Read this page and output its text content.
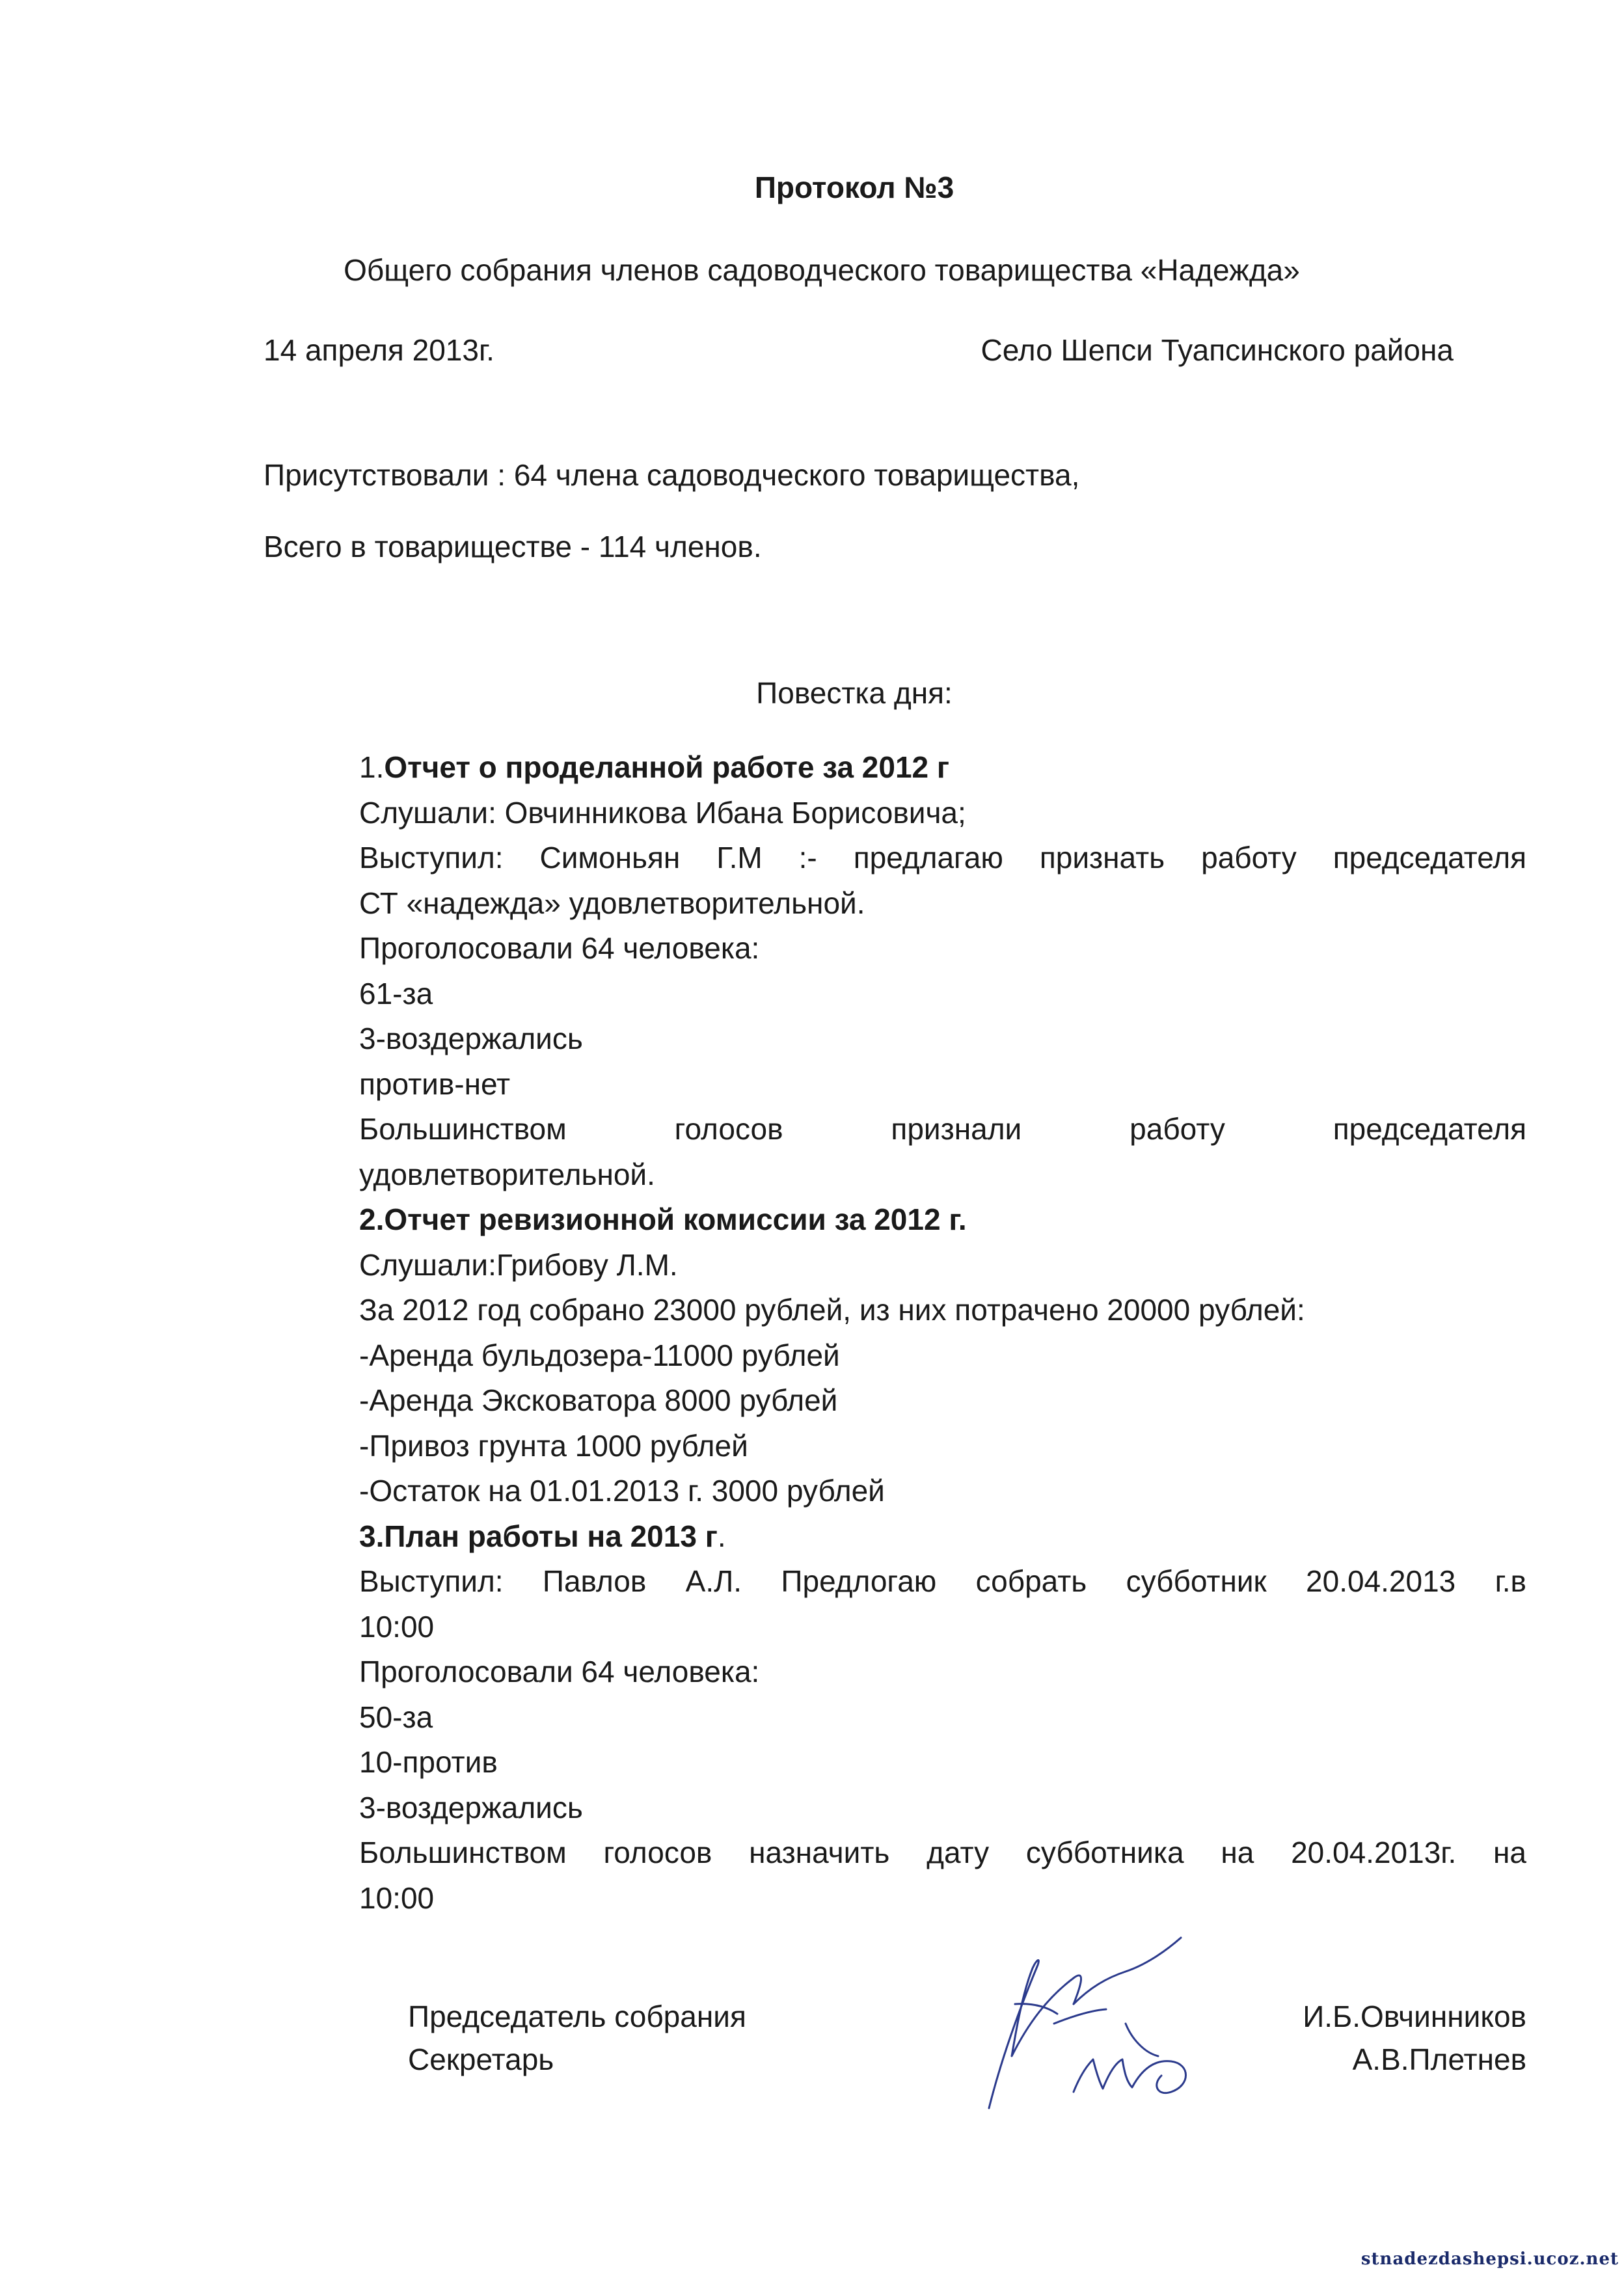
Протокол №3
Общего собрания членов садоводческого товарищества «Надежда»
14 апреля 2013г.	Село Шепси Туапсинского района
Присутствовали : 64 члена садоводческого товарищества,
Всего в товариществе - 114 членов.
Повестка дня:
1.Отчет о проделанной работе за 2012 г
Слушали: Овчинникова Ибана Борисовича;
Выступил: Симоньян Г.М :- предлагаю признать работу председателя
СТ «надежда» удовлетворительной.
Проголосовали 64 человека:
61-за
3-воздержались
против-нет
Большинством голосов признали работу председателя
удовлетворительной.
2.Отчет ревизионной комиссии за 2012 г.
Слушали:Грибову Л.М.
За 2012 год собрано 23000 рублей, из них потрачено 20000 рублей:
-Аренда бульдозера-11000 рублей
-Аренда Эксковатора 8000 рублей
-Привоз грунта 1000 рублей
-Остаток на 01.01.2013 г. 3000 рублей
3.План работы на 2013 г.
Выступил: Павлов А.Л. Предлогаю собрать субботник 20.04.2013 г.в
10:00
Проголосовали 64 человека:
50-за
10-против
3-воздержались
Большинством голосов назначить дату субботника на 20.04.2013г. на
10:00
Председатель собрания
Секретарь
И.Б.Овчинников
А.В.Плетнев
stnadezdashepsi.ucoz.net
